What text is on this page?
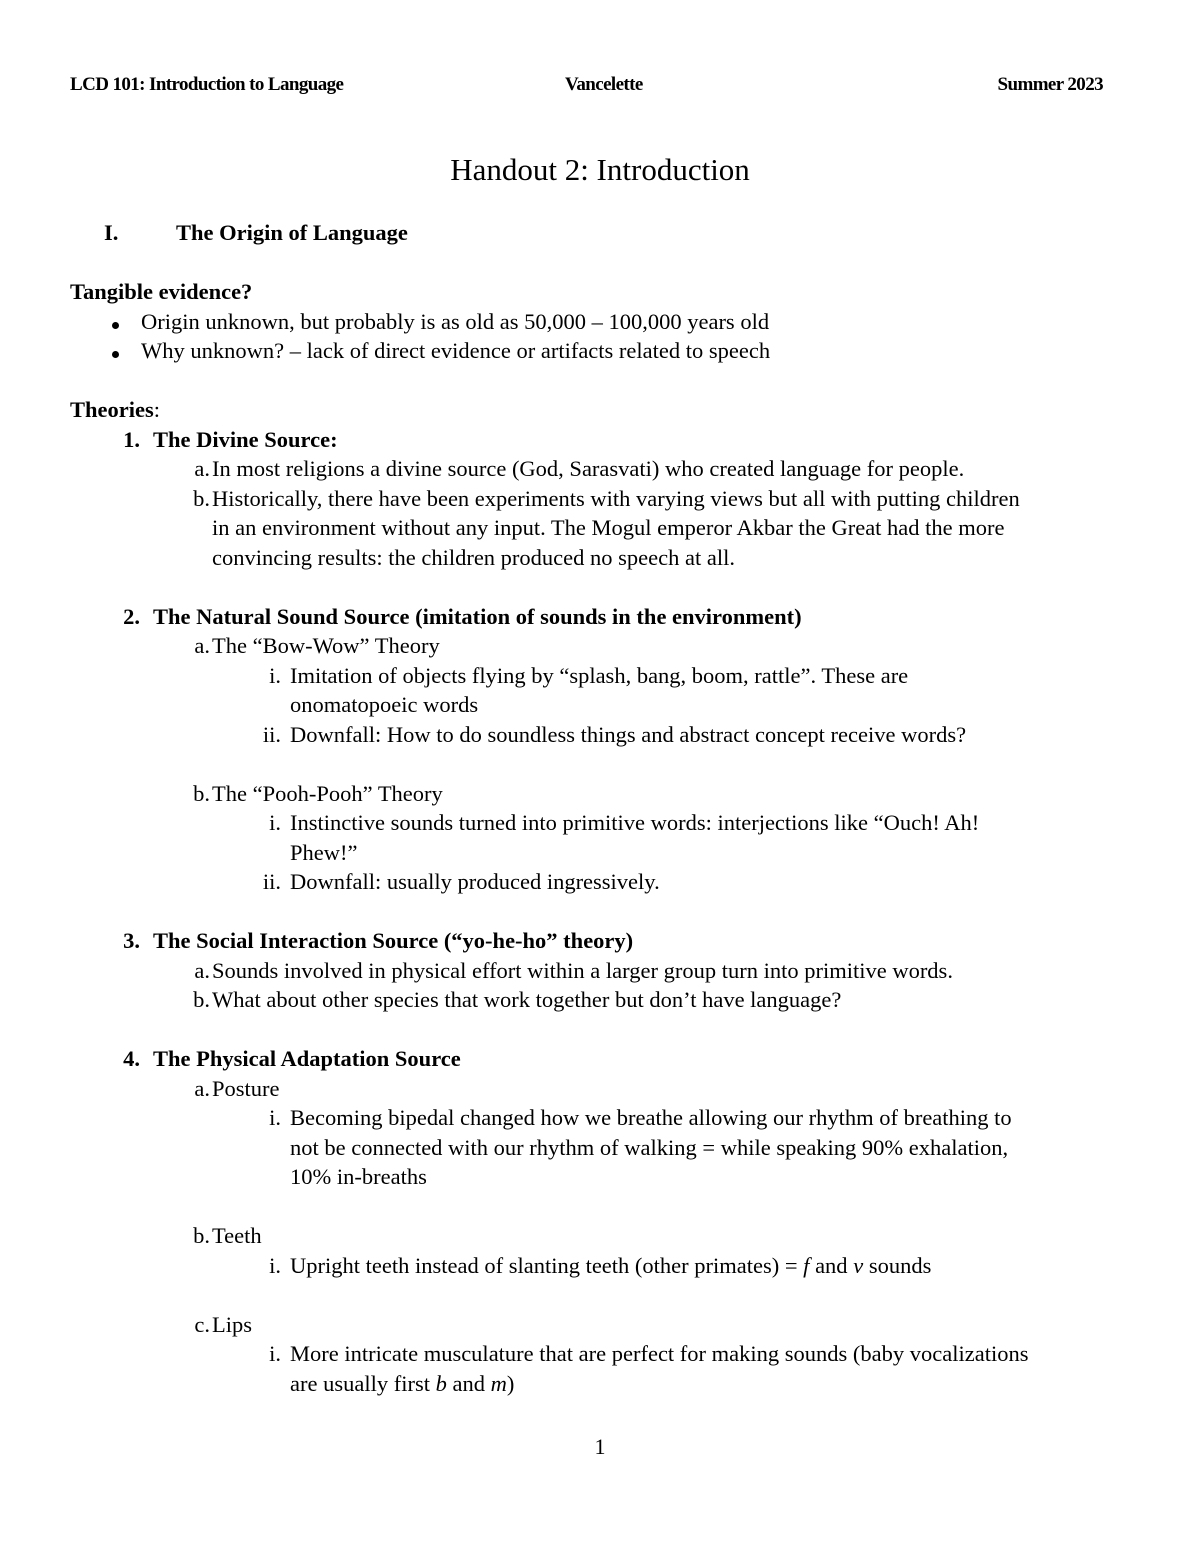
LCD 101: Introduction to Language	Vancelette	Summer 2023
Handout 2: Introduction
I.	The Origin of Language
Tangible evidence?
Origin unknown, but probably is as old as 50,000 – 100,000 years old
Why unknown? – lack of direct evidence or artifacts related to speech
Theories :
1. The Divine Source:
a. In most religions a divine source (God, Sarasvati) who created language for people.
b. Historically, there have been experiments with varying views but all with putting children
in an environment without any input. The Mogul emperor Akbar the Great had the more
convincing results: the children produced no speech at all.
2. The Natural Sound Source (imitation of sounds in the environment)
a. The “Bow-Wow” Theory
i. Imitation of objects flying by “splash, bang, boom, rattle”. These are
onomatopoeic words
ii. Downfall: How to do soundless things and abstract concept receive words?
b. The “Pooh-Pooh” Theory
i. Instinctive sounds turned into primitive words: interjections like “Ouch! Ah!
Phew!”
ii. Downfall: usually produced ingressively.
3. The Social Interaction Source (“yo-he-ho” theory)
a. Sounds involved in physical effort within a larger group turn into primitive words.
b. What about other species that work together but don’t have language?
4. The Physical Adaptation Source
a. Posture
i. Becoming bipedal changed how we breathe allowing our rhythm of breathing to
not be connected with our rhythm of walking = while speaking 90% exhalation,
10% in-breaths
b. Teeth
i. Upright teeth instead of slanting teeth (other primates) = f and v sounds
c. Lips
i. More intricate musculature that are perfect for making sounds (baby vocalizations
are usually first b and m)
1
